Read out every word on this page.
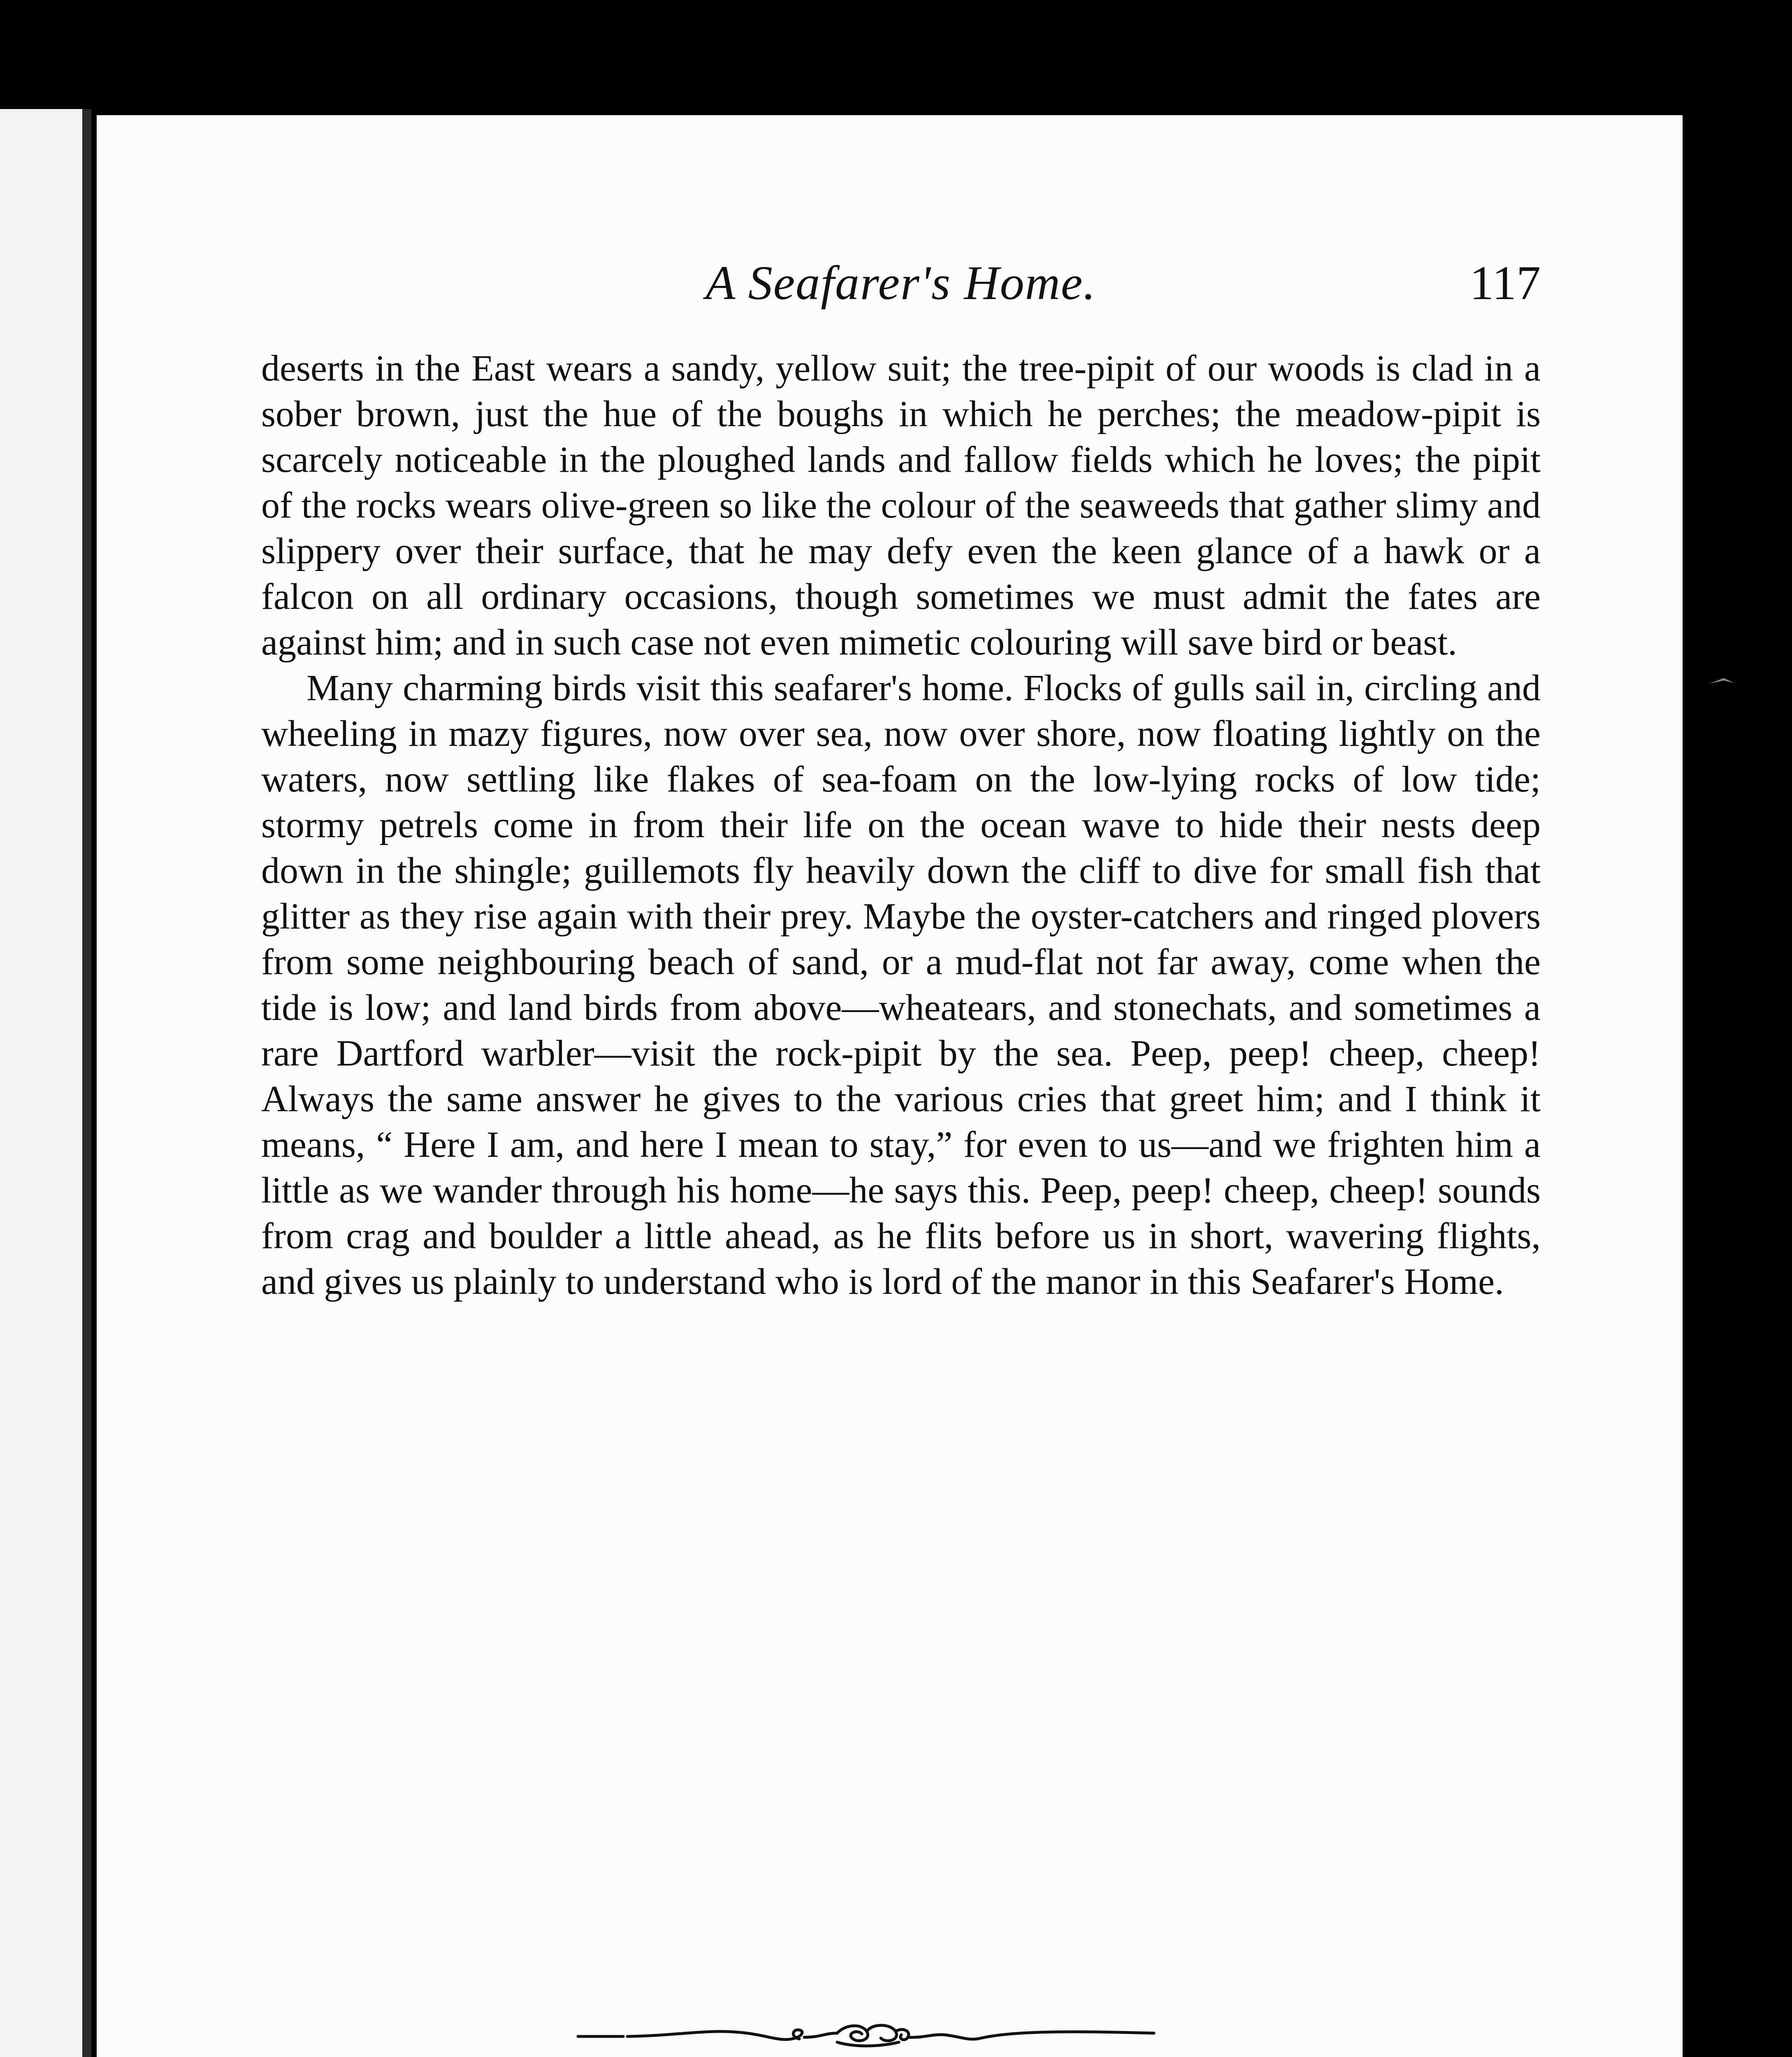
A Seafarer's Home.	117

deserts in the East wears a sandy, yellow suit; the tree-pipit of our woods is clad in a sober brown, just the hue of the boughs in which he perches; the meadow-pipit is scarcely noticeable in the ploughed lands and fallow fields which he loves; the pipit of the rocks wears olive-green so like the colour of the seaweeds that gather slimy and slippery over their surface, that he may defy even the keen glance of a hawk or a falcon on all ordinary occasions, though sometimes we must admit the fates are against him; and in such case not even mimetic colouring will save bird or beast.

Many charming birds visit this seafarer's home. Flocks of gulls sail in, circling and wheeling in mazy figures, now over sea, now over shore, now floating lightly on the waters, now settling like flakes of sea-foam on the low-lying rocks of low tide; stormy petrels come in from their life on the ocean wave to hide their nests deep down in the shingle; guillemots fly heavily down the cliff to dive for small fish that glitter as they rise again with their prey. Maybe the oyster-catchers and ringed plovers from some neighbouring beach of sand, or a mud-flat not far away, come when the tide is low; and land birds from above—wheatears, and stonechats, and sometimes a rare Dartford warbler—visit the rock-pipit by the sea. Peep, peep! cheep, cheep! Always the same answer he gives to the various cries that greet him; and I think it means, “ Here I am, and here I mean to stay,” for even to us—and we frighten him a little as we wander through his home—he says this. Peep, peep! cheep, cheep! sounds from crag and boulder a little ahead, as he flits before us in short, wavering flights, and gives us plainly to understand who is lord of the manor in this Seafarer's Home.
